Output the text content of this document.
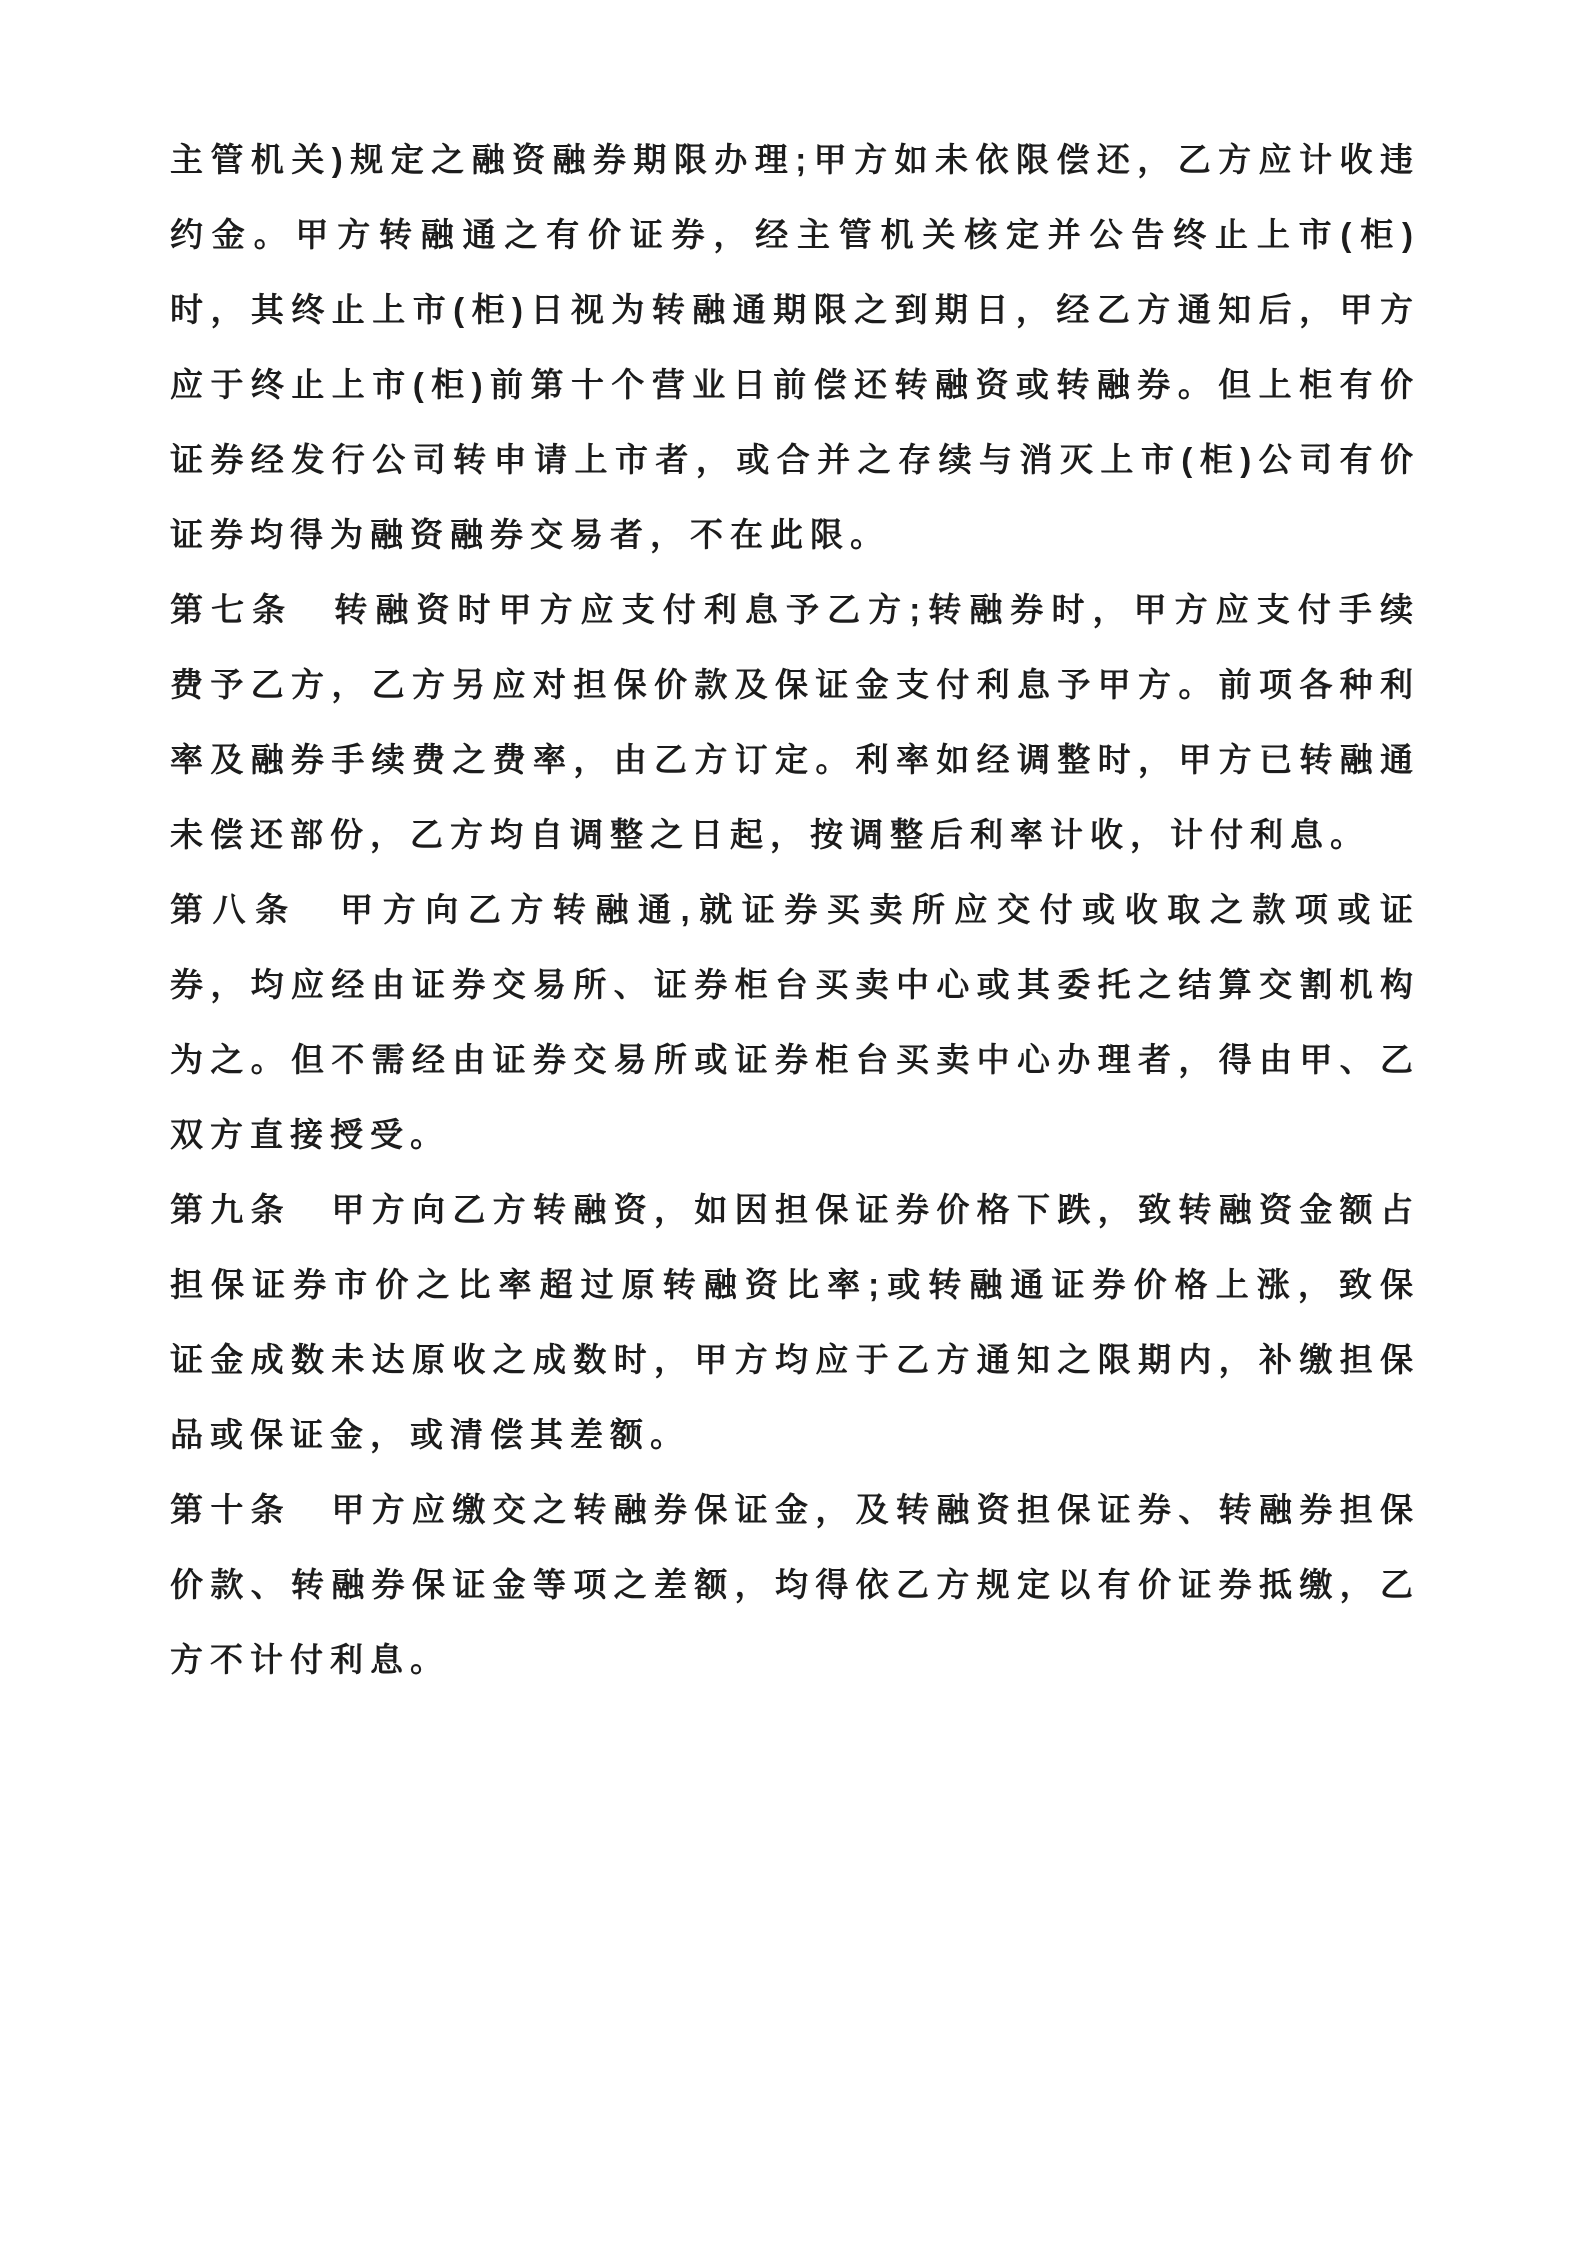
主管机关)规定之融资融券期限办理;甲方如未依限偿还，乙方应计收违约金。甲方转融通之有价证券，经主管机关核定并公告终止上市(柜)时，其终止上市(柜)日视为转融通期限之到期日，经乙方通知后，甲方应于终止上市(柜)前第十个营业日前偿还转融资或转融券。但上柜有价证券经发行公司转申请上市者，或合并之存续与消灭上市(柜)公司有价证券均得为融资融券交易者，不在此限。

第七条　转融资时甲方应支付利息予乙方;转融券时，甲方应支付手续费予乙方，乙方另应对担保价款及保证金支付利息予甲方。前项各种利率及融券手续费之费率，由乙方订定。利率如经调整时，甲方已转融通未偿还部份，乙方均自调整之日起，按调整后利率计收，计付利息。

第八条　甲方向乙方转融通,就证券买卖所应交付或收取之款项或证券，均应经由证券交易所、证券柜台买卖中心或其委托之结算交割机构为之。但不需经由证券交易所或证券柜台买卖中心办理者，得由甲、乙双方直接授受。

第九条　甲方向乙方转融资，如因担保证券价格下跌，致转融资金额占担保证券市价之比率超过原转融资比率;或转融通证券价格上涨，致保证金成数未达原收之成数时，甲方均应于乙方通知之限期内，补缴担保品或保证金，或清偿其差额。

第十条　甲方应缴交之转融券保证金，及转融资担保证券、转融券担保价款、转融券保证金等项之差额，均得依乙方规定以有价证券抵缴，乙方不计付利息。
